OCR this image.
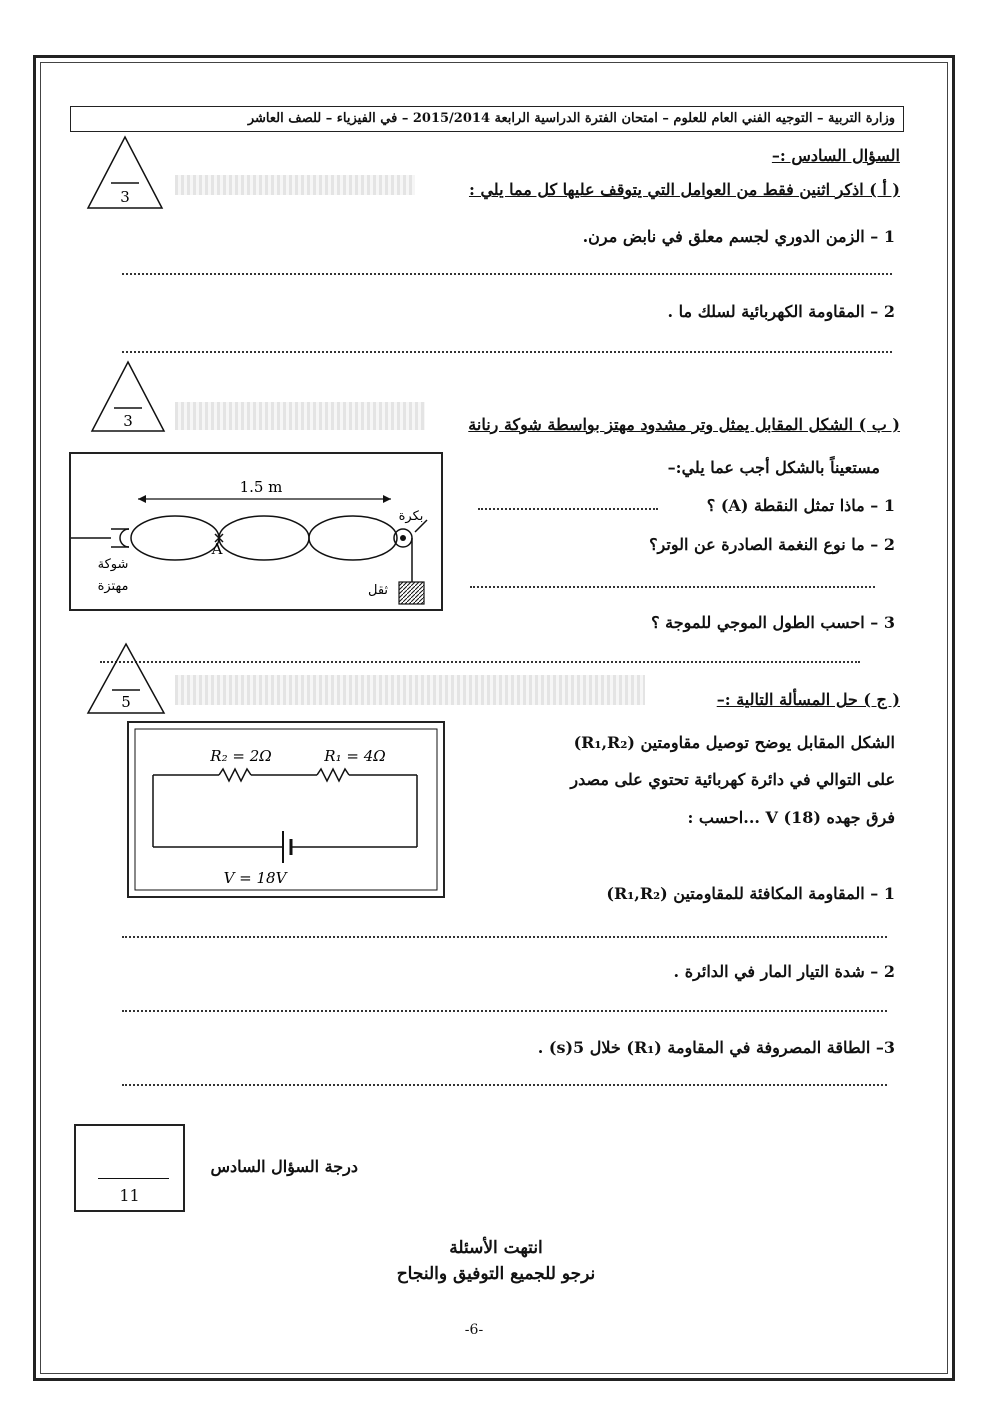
وزارة التربية – التوجيه الفني العام للعلوم – امتحان الفترة الدراسية الرابعة 2015/2014 – في الفيزياء – للصف العاشر
السؤال السادس :–
3	( أ ) اذكر اثنين فقط من العوامل التي يتوقف عليها كل مما يلي :
1 – الزمن الدوري لجسم معلق في نابض مرن.
2 – المقاومة الكهربائية لسلك ما .
3	( ب ) الشكل المقابل يمثل وتر مشدود مهتز بواسطة شوكة رنانة
مستعيناً بالشكل أجب عما يلي:–
1 – ماذا تمثل النقطة (A) ؟
2 – ما نوع النغمة الصادرة عن الوتر؟
3 – احسب الطول الموجي للموجة ؟
1.5 m
A
بكرة
شوكة
مهتزة	ثقل
5	( ج ) حل المسألة التالية :–
الشكل المقابل يوضح توصيل مقاومتين (R₁,R₂)
على التوالي في دائرة كهربائية تحتوي على مصدر
فرق جهده V (18) ...احسب :
R₂ = 2Ω	R₁ = 4Ω
V = 18V
1 – المقاومة المكافئة للمقاومتين (R₁,R₂)
2 – شدة التيار المار في الدائرة .
3– الطاقة المصروفة في المقاومة (R₁) خلال 5(s) .
11
درجة السؤال السادس
انتهت الأسئلة
نرجو للجميع التوفيق والنجاح
-6-
